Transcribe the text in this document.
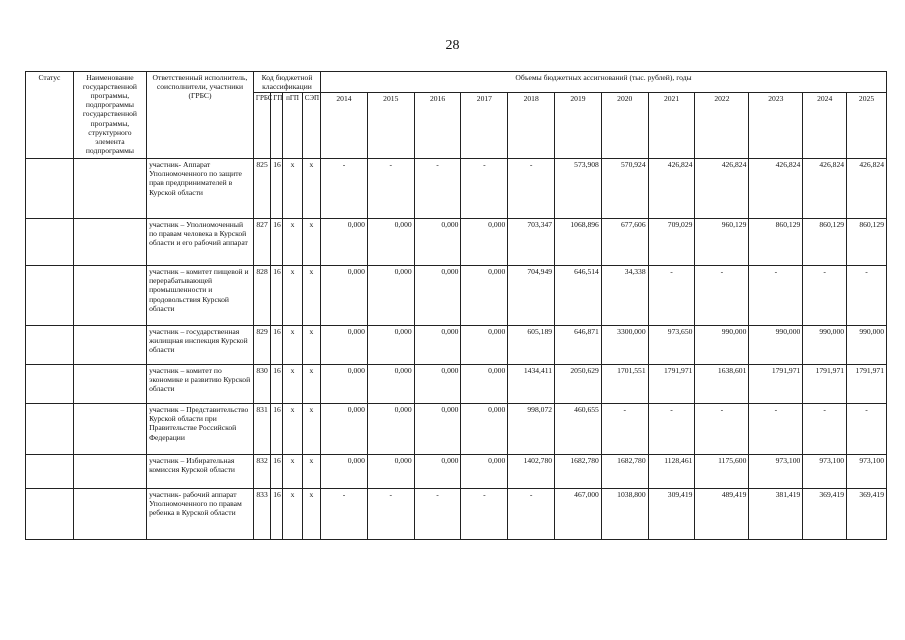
28
Статус	Наименование государственной программы, подпрограммы государственной программы, структурного элемента подпрограммы	Ответственный исполнитель, соисполнители, участники (ГРБС)	Код бюджетной классификации				Объемы бюджетных ассигнований (тыс. рублей), годы											
			ГРБС	ГП	пГП	СЭП	2014	2015	2016	2017	2018	2019	2020	2021	2022	2023	2024	2025
		участник- Аппарат Уполномоченного по защите прав предпринимателей в Курской области	825	16	х	х	-	-	-	-	-	573,908	570,924	426,824	426,824	426,824	426,824	426,824
		участник – Уполномоченный по правам человека в Курской области и его рабочий аппарат	827	16	х	х	0,000	0,000	0,000	0,000	703,347	1068,896	677,606	709,029	960,129	860,129	860,129	860,129
		участник – комитет пищевой и перерабатывающей промышленности и продовольствия Курской области	828	16	х	х	0,000	0,000	0,000	0,000	704,949	646,514	34,338	-	-	-	-	-
		участник – государственная жилищная инспекция Курской области	829	16	х	х	0,000	0,000	0,000	0,000	605,189	646,871	3300,000	973,650	990,000	990,000	990,000	990,000
		участник – комитет по экономике и развитию Курской области	830	16	х	х	0,000	0,000	0,000	0,000	1434,411	2050,629	1701,551	1791,971	1638,601	1791,971	1791,971	1791,971
		участник – Представительство Курской области при Правительстве Российской Федерации	831	16	х	х	0,000	0,000	0,000	0,000	998,072	460,655	-	-	-	-	-	-
		участник – Избирательная комиссия Курской области	832	16	х	х	0,000	0,000	0,000	0,000	1402,780	1682,780	1682,780	1128,461	1175,600	973,100	973,100	973,100
		участник- рабочий аппарат Уполномоченного по правам ребенка в Курской области	833	16	х	х	-	-	-	-	-	467,000	1038,800	309,419	489,419	381,419	369,419	369,419
